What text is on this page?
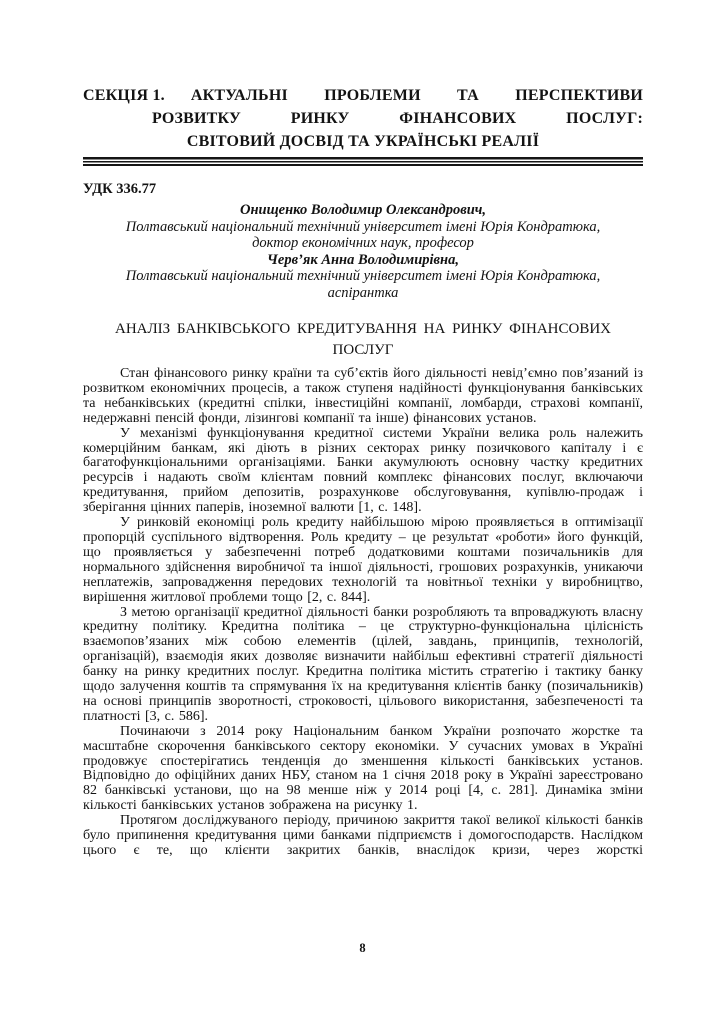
СЕКЦІЯ 1. АКТУАЛЬНІ ПРОБЛЕМИ ТА ПЕРСПЕКТИВИ
РОЗВИТКУ РИНКУ ФІНАНСОВИХ ПОСЛУГ:
СВІТОВИЙ ДОСВІД ТА УКРАЇНСЬКІ РЕАЛІЇ
УДК 336.77
Онищенко Володимир Олександрович,
Полтавський національний технічний університет імені Юрія Кондратюка,
доктор економічних наук, професор
Черв’як Анна Володимирівна,
Полтавський національний технічний університет імені Юрія Кондратюка,
аспірантка
АНАЛІЗ БАНКІВСЬКОГО КРЕДИТУВАННЯ НА РИНКУ ФІНАНСОВИХ ПОСЛУГ

Стан фінансового ринку країни та суб’єктів його діяльності невід’ємно пов’язаний із розвитком економічних процесів, а також ступеня надійності функціонування банківських та небанківських (кредитні спілки, інвестиційні компанії, ломбарди, страхові компанії, недержавні пенсій фонди, лізингові компанії та інше) фінансових установ.

У механізмі функціонування кредитної системи України велика роль належить комерційним банкам, які діють в різних секторах ринку позичкового капіталу і є багатофункціональними організаціями. Банки акумулюють основну частку кредитних ресурсів і надають своїм клієнтам повний комплекс фінансових послуг, включаючи кредитування, прийом депозитів, розрахункове обслуговування, купівлю-продаж і зберігання цінних паперів, іноземної валюти [1, с. 148].

У ринковій економіці роль кредиту найбільшою мірою проявляється в оптимізації пропорцій суспільного відтворення. Роль кредиту – це результат «роботи» його функцій, що проявляється у забезпеченні потреб додатковими коштами позичальників для нормального здійснення виробничої та іншої діяльності, грошових розрахунків, уникаючи неплатежів, запровадження передових технологій та новітньої техніки у виробництво, вирішення житлової проблеми тощо [2, с. 844].

З метою організації кредитної діяльності банки розробляють та впроваджують власну кредитну політику. Кредитна політика – це структурно-функціональна цілісність взаємопов’язаних між собою елементів (цілей, завдань, принципів, технологій, організацій), взаємодія яких дозволяє визначити найбільш ефективні стратегії діяльності банку на ринку кредитних послуг. Кредитна політика містить стратегію і тактику банку щодо залучення коштів та спрямування їх на кредитування клієнтів банку (позичальників) на основі принципів зворотності, строковості, цільового використання, забезпеченості та платності [3, с. 586].

Починаючи з 2014 року Національним банком України розпочато жорстке та масштабне скорочення банківського сектору економіки. У сучасних умовах в Україні продовжує спостерігатись тенденція до зменшення кількості банківських установ. Відповідно до офіційних даних НБУ, станом на 1 січня 2018 року в Україні зареєстровано 82 банківські установи, що на 98 менше ніж у 2014 році [4, с. 281]. Динаміка зміни кількості банківських установ зображена на рисунку 1.

Протягом досліджуваного періоду, причиною закриття такої великої кількості банків було припинення кредитування цими банками підприємств і домогосподарств. Наслідком цього є те, що клієнти закритих банків, внаслідок кризи, через жорсткі

8
